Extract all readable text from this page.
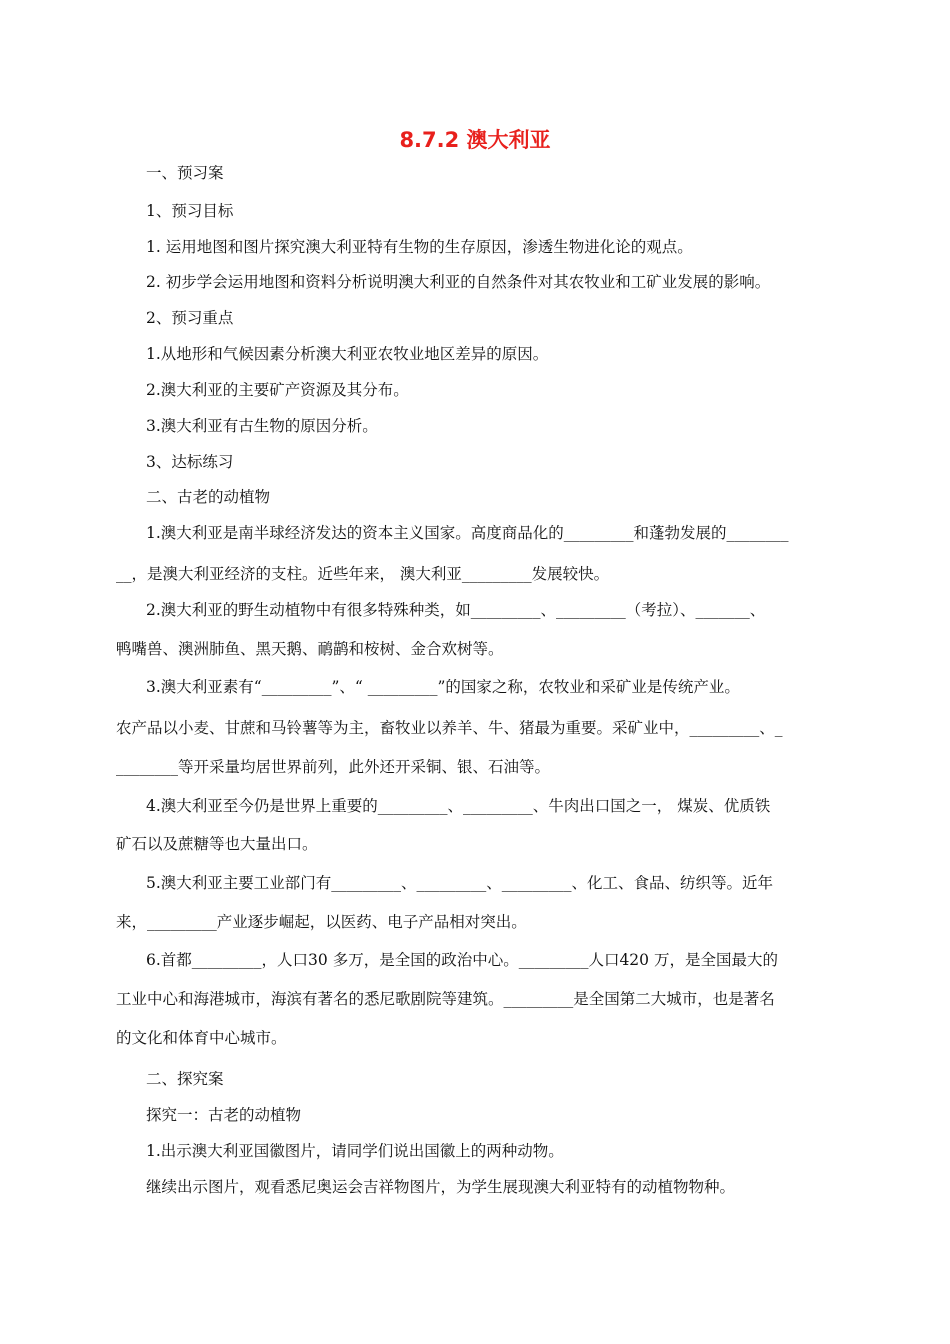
8.7.2 澳大利亚
一、预习案
1、预习目标
1. 运用地图和图片探究澳大利亚特有生物的生存原因，渗透生物进化论的观点。
2. 初步学会运用地图和资料分析说明澳大利亚的自然条件对其农牧业和工矿业发展的影响。
2、预习重点
1.从地形和气候因素分析澳大利亚农牧业地区差异的原因。
2.澳大利亚的主要矿产资源及其分布。
3.澳大利亚有古生物的原因分析。
3、达标练习
二、古老的动植物
1.澳大利亚是南半球经济发达的资本主义国家。高度商品化的_________和蓬勃发展的________
__，是澳大利亚经济的支柱。近些年来， 澳大利亚_________发展较快。
2.澳大利亚的野生动植物中有很多特殊种类，如_________、_________（考拉）、_______、
鸭嘴兽、澳洲肺鱼、黑天鹅、鸸鹋和桉树、金合欢树等。
3.澳大利亚素有“_________”、“ _________”的国家之称，农牧业和采矿业是传统产业。
农产品以小麦、甘蔗和马铃薯等为主，畜牧业以养羊、牛、猪最为重要。采矿业中，_________、_
________等开采量均居世界前列，此外还开采铜、银、石油等。
4.澳大利亚至今仍是世界上重要的_________、_________、牛肉出口国之一， 煤炭、优质铁
矿石以及蔗糖等也大量出口。
5.澳大利亚主要工业部门有_________、_________、_________、化工、食品、纺织等。近年
来，_________产业逐步崛起，以医药、电子产品相对突出。
6.首都_________，人口30 多万，是全国的政治中心。_________人口420 万，是全国最大的
工业中心和海港城市，海滨有著名的悉尼歌剧院等建筑。_________是全国第二大城市，也是著名
的文化和体育中心城市。
二、探究案
探究一：古老的动植物
1.出示澳大利亚国徽图片，请同学们说出国徽上的两种动物。
继续出示图片，观看悉尼奥运会吉祥物图片，为学生展现澳大利亚特有的动植物物种。
